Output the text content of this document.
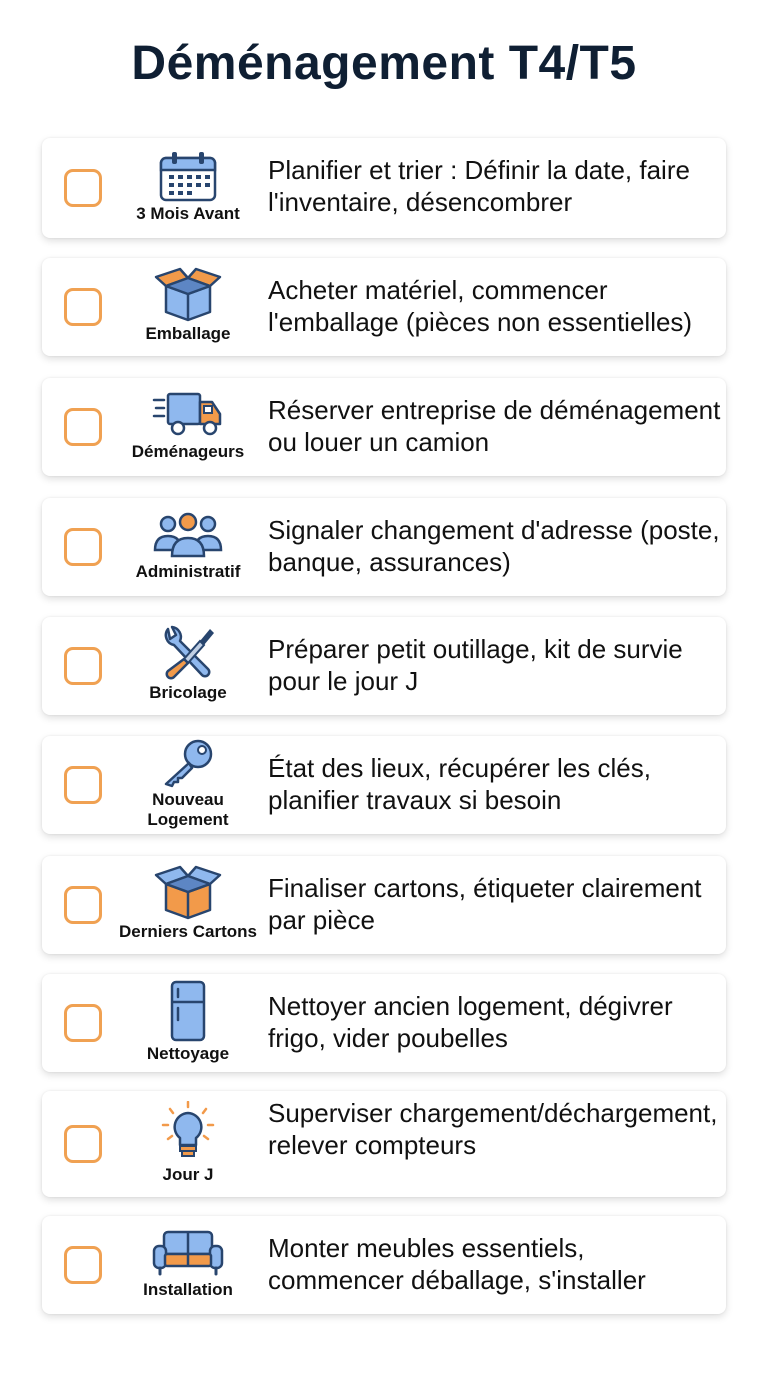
Déménagement T4/T5
3 Mois Avant
Planifier et trier : Définir la date, faire l'inventaire, désencombrer
Emballage
Acheter matériel, commencer l'emballage (pièces non essentielles)
Déménageurs
Réserver entreprise de déménagement ou louer un camion
Administratif
Signaler changement d'adresse (poste, banque, assurances)
Bricolage
Préparer petit outillage, kit de survie pour le jour J
Nouveau
Logement
État des lieux, récupérer les clés, planifier travaux si besoin
Derniers Cartons
Finaliser cartons, étiqueter clairement par pièce
Nettoyage
Nettoyer ancien logement, dégivrer frigo, vider poubelles
Jour J
Superviser chargement/déchargement, relever compteurs
Installation
Monter meubles essentiels, commencer déballage, s'installer
